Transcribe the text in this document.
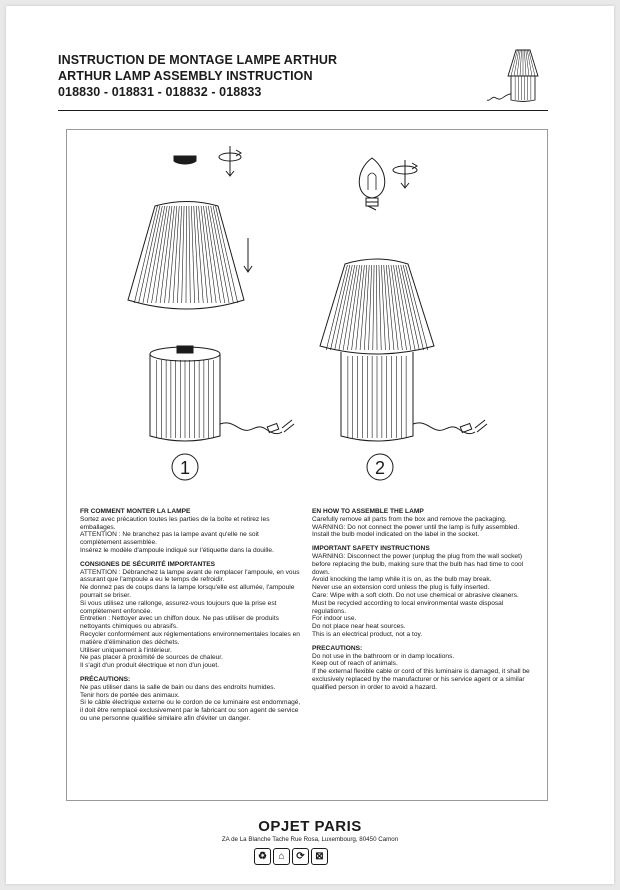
INSTRUCTION DE MONTAGE LAMPE ARTHUR
ARTHUR LAMP ASSEMBLY INSTRUCTION
018830 - 018831 - 018832 - 018833
1	2

FR COMMENT MONTER LA LAMPE

Sortez avec précaution toutes les parties de la boîte et retirez les emballages.

ATTENTION : Ne branchez pas la lampe avant qu'elle ne soit complètement assemblée.

Insérez le modèle d'ampoule indiqué sur l'étiquette dans la douille.

CONSIGNES DE SÉCURITÉ IMPORTANTES

ATTENTION : Débranchez la lampe avant de remplacer l'ampoule, en vous assurant que l'ampoule a eu le temps de refroidir.

Ne donnez pas de coups dans la lampe lorsqu'elle est allumée, l'ampoule pourrait se briser.

Si vous utilisez une rallonge, assurez-vous toujours que la prise est complètement enfoncée.

Entretien : Nettoyer avec un chiffon doux. Ne pas utiliser de produits nettoyants chimiques ou abrasifs.

Recycler conformément aux réglementations environnementales locales en matière d'élimination des déchets.

Utiliser uniquement à l'intérieur.

Ne pas placer à proximité de sources de chaleur.

Il s'agit d'un produit électrique et non d'un jouet.

PRÉCAUTIONS:

Ne pas utiliser dans la salle de bain ou dans des endroits humides.

Tenir hors de portée des animaux.

Si le câble électrique externe ou le cordon de ce luminaire est endommagé, il doit être remplacé exclusivement par le fabricant ou son agent de service ou une personne qualifiée similaire afin d'éviter un danger.

EN HOW TO ASSEMBLE THE LAMP

Carefully remove all parts from the box and remove the packaging.

WARNING: Do not connect the power until the lamp is fully assembled.

Install the bulb model indicated on the label in the socket.

IMPORTANT SAFETY INSTRUCTIONS

WARNING: Disconnect the power (unplug the plug from the wall socket) before replacing the bulb, making sure that the bulb has had time to cool down.

Avoid knocking the lamp while it is on, as the bulb may break.

Never use an extension cord unless the plug is fully inserted.

Care: Wipe with a soft cloth. Do not use chemical or abrasive cleaners.

Must be recycled according to local environmental waste disposal regulations.

For indoor use.

Do not place near heat sources.

This is an electrical product, not a toy.

PRECAUTIONS:

Do not use in the bathroom or in damp locations.

Keep out of reach of animals.

If the external flexible cable or cord of this luminaire is damaged, it shall be exclusively replaced by the manufacturer or his service agent or a similar qualified person in order to avoid a hazard.

OPJET PARIS
ZA de La Blanche Tache Rue Rosa, Luxembourg, 80450 Camon
♻	⌂	⟳	⊠
